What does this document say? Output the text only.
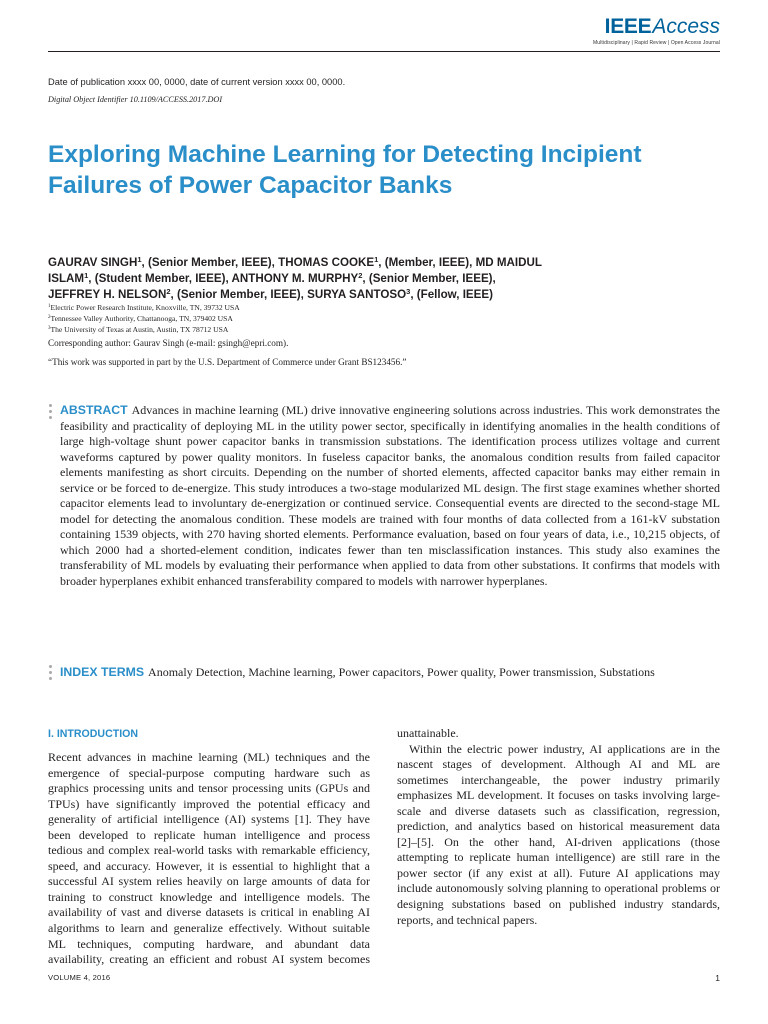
IEEEAccess
Multidisciplinary | Rapid Review | Open Access Journal
Date of publication xxxx 00, 0000, date of current version xxxx 00, 0000.
Digital Object Identifier 10.1109/ACCESS.2017.DOI
Exploring Machine Learning for Detecting Incipient Failures of Power Capacitor Banks
GAURAV SINGH$^1$, (Senior Member, IEEE), THOMAS COOKE$^1$, (Member, IEEE), MD MAIDUL
ISLAM$^1$, (Student Member, IEEE), ANTHONY M. MURPHY$^2$, (Senior Member, IEEE),
JEFFREY H. NELSON$^2$, (Senior Member, IEEE), SURYA SANTOSO$^3$, (Fellow, IEEE)
$^1$Electric Power Research Institute, Knoxville, TN, 39732 USA
$^2$Tennessee Valley Authority, Chattanooga, TN, 379402 USA
$^3$The University of Texas at Austin, Austin, TX 78712 USA
Corresponding author: Gaurav Singh (e-mail: gsingh@epri.com).
“This work was supported in part by the U.S. Department of Commerce under Grant BS123456.”

ABSTRACT Advances in machine learning (ML) drive innovative engineering solutions across industries. This work demonstrates the feasibility and practicality of deploying ML in the utility power sector, specifically in identifying anomalies in the health conditions of large high-voltage shunt power capacitor banks in transmission substations. The identification process utilizes voltage and current waveforms captured by power quality monitors. In fuseless capacitor banks, the anomalous condition results from failed capacitor elements manifesting as short circuits. Depending on the number of shorted elements, affected capacitor banks may either remain in service or be forced to de-energize. This study introduces a two-stage modularized ML design. The first stage examines whether shorted capacitor elements lead to involuntary de-energization or continued service. Consequential events are directed to the second-stage ML model for detecting the anomalous condition. These models are trained with four months of data collected from a 161-kV substation containing 1539 objects, with 270 having shorted elements. Performance evaluation, based on four years of data, i.e., 10,215 objects, of which 2000 had a shorted-element condition, indicates fewer than ten misclassification instances. This study also examines the transferability of ML models by evaluating their performance when applied to data from other substations. It confirms that models with broader hyperplanes exhibit enhanced transferability compared to models with narrower hyperplanes.

INDEX TERMS Anomaly Detection, Machine learning, Power capacitors, Power quality, Power transmission, Substations

I. INTRODUCTION

Recent advances in machine learning (ML) techniques and the emergence of special-purpose computing hardware such as graphics processing units and tensor processing units (GPUs and TPUs) have significantly improved the potential efficacy and generality of artificial intelligence (AI) systems [1]. They have been developed to replicate human intelligence and process tedious and complex real-world tasks with remarkable efficiency, speed, and accuracy. However, it is essential to highlight that a successful AI system relies heavily on large amounts of data for training to construct knowledge and intelligence models. The availability of vast and diverse datasets is critical in enabling AI algorithms to learn and generalize effectively. Without suitable ML techniques, computing hardware, and abundant data availability, creating an efficient and robust AI system becomes

unattainable.

Within the electric power industry, AI applications are in the nascent stages of development. Although AI and ML are sometimes interchangeable, the power industry primarily emphasizes ML development. It focuses on tasks involving large-scale and diverse datasets such as classification, regression, prediction, and analytics based on historical measurement data [2]–[5]. On the other hand, AI-driven applications (those attempting to replicate human intelligence) are still rare in the power sector (if any exist at all). Future AI applications may include autonomously solving planning to operational problems or designing substations based on published industry standards, reports, and technical papers.

VOLUME 4, 2016	1
